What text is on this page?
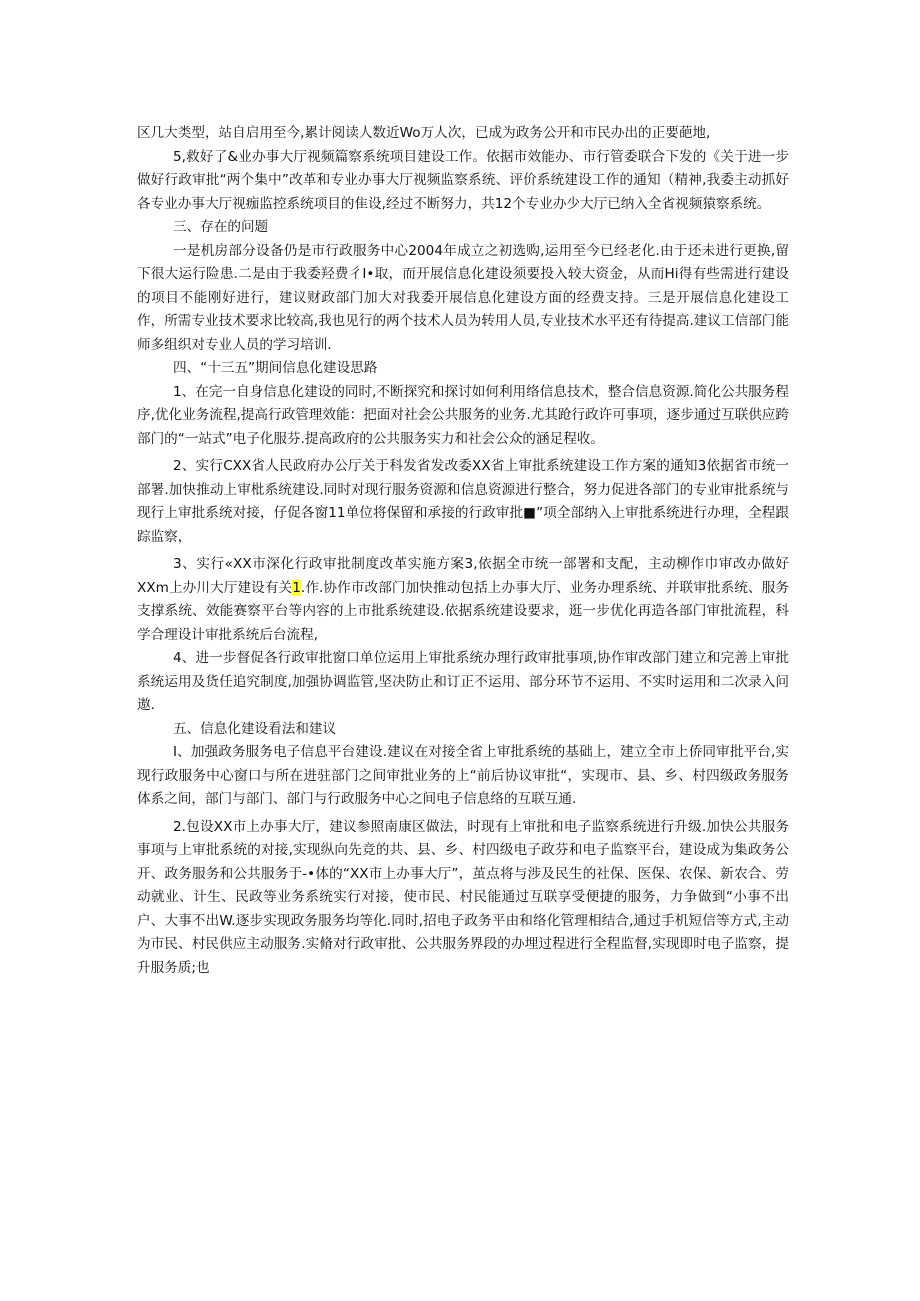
区几大类型，站自启用至今,累计阅读人数近Wo万人次，已成为政务公开和市民办出的正要葩地,

5,救好了&业办事大厅视频篇察系统项目建设工作。依据市效能办、市行管委联合下发的《关于进一步做好行政审批“两个集中”改革和专业办事大厅视频监察系统、评价系统建设工作的通知（精神,我委主动抓好各专业办事大厅视痂监控系统项目的隹设,经过不断努力，共12个专业办少大厅已纳入全省视频猿察系统。

三、存在的问题

一是机房部分设备仍是市行政服务中心2004年成立之初选购,运用至今已经老化.由于还未进行更换,留下很大运行险患.二是由于我委羟费彳I•取，而开展信息化建设须要投入较大资金，从而Hi得有些需进行建设的项目不能刚好进行，建议财政部门加大对我委开展信息化建设方面的经费支持。三是开展信息化建设工作，所需专业技术要求比较高,我也见行的两个技术人员为转用人员,专业技术水平还有待提高.建议工信部门能师多组织对专业人员的学习培训.

四、“十三五”期间信息化建设思路

1、在完一自身信息化建设的同时,不断探究和探讨如何利用络信息技术，整合信息资源.简化公共服务程序,优化业务流程,提高行政管理效能：把面对社会公共服务的业务.尤其跄行政许可事项，逐步通过互联供应跨部门的“一站式”电子化服芬.提高政府的公共服务实力和社会公众的涵足程收。

2、实行CXX省人民政府办公厅关于科发省发改委XX省上审批系统建设工作方案的通知3依据省市统一部署.加快推动上审枇系统建设.同时对现行服务资源和信息资源进行整合，努力促进各部门的专业审批系统与现行上审批系统对接，仔促各窗11单位将保留和承接的行政审批■”项全部纳入上审批系统进行办理，全程跟踪监察，

3、实行«XX市深化行政审批制度改革实施方案3,依据全市统一部署和支配，主动柳作巾审改办做好XXm上办川大厅建设有关1.作.协作市改部门加快推动包括上办事大厅、业务办理系统、并联审批系统、服务支撑系统、效能赛察平台等内容的上市批系统建设.依据系统建设要求，逛一步优化再造各部门审批流程，科学合理设计审批系统后台流程,

4、进一步督促各行政审批窗口单位运用上审批系统办理行政审批事项,协作审改部门建立和完善上审批系统运用及货任追究制度,加强协调监管,坚决防止和订正不运用、部分环节不运用、不实时运用和二次录入问遨.

五、信息化建设看法和建议

I、加强政务服务电子信息平台建设.建议在对接全省上审批系统的基础上，建立全市上侨同审批平台,实现行政服务中心窗口与所在进驻部门之间审批业务的上“前后协议审批“，实现市、县、乡、村四级政务服务体系之间，部门与部门、部门与行政服务中心之间电子信息络的互联互通.

2.包设XX市上办事大厅，建议参照南康区做法，时现有上审批和电子监察系统进行升级.加快公共服务事项与上审批系统的对接,实现纵向先竞的共、县、乡、村四级电子政芬和电子监察平台，建设成为集政务公开、政务服务和公共服务于-•体的“XX市上办事大厅”，茧点将与涉及民生的社保、医保、农保、新农合、劳动就业、计生、民政等业务系统实行对接，使市民、村民能通过互联享受便捷的服务，力争做到“小事不出户、大事不出W.逐步实现政务服务均等化.同时,招电子政务平由和络化管理相结合,通过手机短信等方式,主动为市民、村民供应主动服务.实脩对行政审批、公共服务界段的办埋过程进行全程监督,实现即时电子监察，提升服务质;也
